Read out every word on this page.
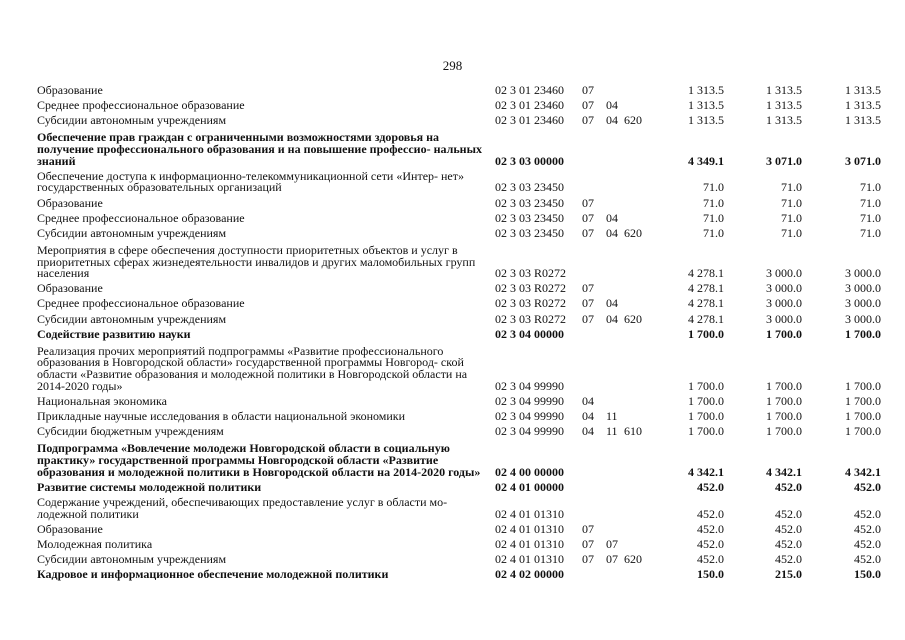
298
Образование	02 3 01 23460 07	1 313.5	1 313.5	1 313.5
Среднее профессиональное образование	02 3 01 23460 07 04	1 313.5	1 313.5	1 313.5
Субсидии автономным учреждениям	02 3 01 23460 07 04 620	1 313.5	1 313.5	1 313.5
Обеспечение прав граждан с ограниченными возможностями здоровья на получение профессионального образования и на повышение профессио- нальных знаний	02 3 03 00000	4 349.1	3 071.0	3 071.0
Обеспечение доступа к информационно-телекоммуникационной сети «Интер- нет» государственных образовательных организаций	02 3 03 23450	71.0	71.0	71.0
Образование	02 3 03 23450 07	71.0	71.0	71.0
Среднее профессиональное образование	02 3 03 23450 07 04	71.0	71.0	71.0
Субсидии автономным учреждениям	02 3 03 23450 07 04 620	71.0	71.0	71.0
Мероприятия в сфере обеспечения доступности приоритетных объектов и услуг в приоритетных сферах жизнедеятельности инвалидов и других маломобильных групп населения	02 3 03 R0272	4 278.1	3 000.0	3 000.0
Образование	02 3 03 R0272 07	4 278.1	3 000.0	3 000.0
Среднее профессиональное образование	02 3 03 R0272 07 04	4 278.1	3 000.0	3 000.0
Субсидии автономным учреждениям	02 3 03 R0272 07 04 620	4 278.1	3 000.0	3 000.0
Содействие развитию науки	02 3 04 00000	1 700.0	1 700.0	1 700.0
Реализация прочих мероприятий подпрограммы «Развитие профессионального образования в Новгородской области» государственной программы Новгород- ской области «Развитие образования и молодежной политики в Новгородской области на 2014-2020 годы»	02 3 04 99990	1 700.0	1 700.0	1 700.0
Национальная экономика	02 3 04 99990 04	1 700.0	1 700.0	1 700.0
Прикладные научные исследования в области национальной экономики	02 3 04 99990 04 11	1 700.0	1 700.0	1 700.0
Субсидии бюджетным учреждениям	02 3 04 99990 04 11 610	1 700.0	1 700.0	1 700.0
Подпрограмма «Вовлечение молодежи Новгородской области в социальную практику» государственной программы Новгородской области «Развитие образования и молодежной политики в Новгородской области на 2014-2020 годы»	02 4 00 00000	4 342.1	4 342.1	4 342.1
Развитие системы молодежной политики	02 4 01 00000	452.0	452.0	452.0
Содержание учреждений, обеспечивающих предоставление услуг в области мо- лодежной политики	02 4 01 01310	452.0	452.0	452.0
Образование	02 4 01 01310 07	452.0	452.0	452.0
Молодежная политика	02 4 01 01310 07 07	452.0	452.0	452.0
Субсидии автономным учреждениям	02 4 01 01310 07 07 620	452.0	452.0	452.0
Кадровое и информационное обеспечение молодежной политики	02 4 02 00000	150.0	215.0	150.0
